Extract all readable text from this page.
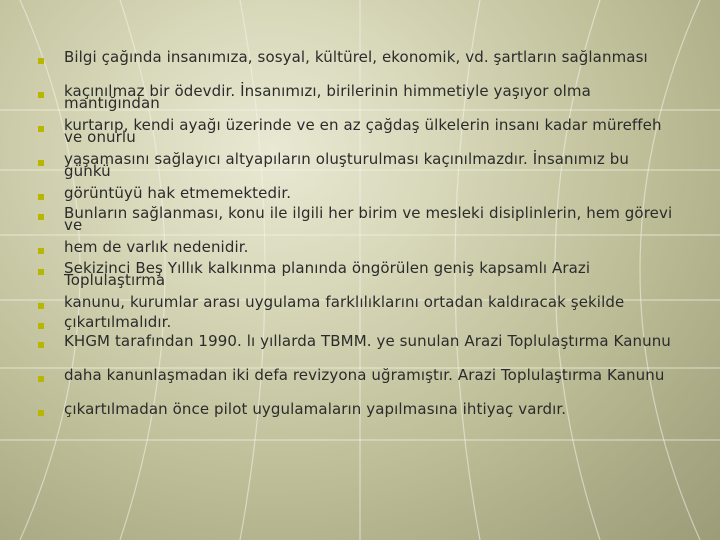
Bilgi çağında insanımıza, sosyal, kültürel, ekonomik, vd. şartların sağlanması
kaçınılmaz bir ödevdir. İnsanımızı, birilerinin himmetiyle yaşıyor olma mantığından
kurtarıp, kendi ayağı üzerinde ve en az çağdaş ülkelerin insanı kadar müreffeh ve onurlu
yaşamasını sağlayıcı altyapıların oluşturulması kaçınılmazdır. İnsanımız bu günkü
görüntüyü hak etmemektedir.
Bunların sağlanması, konu ile ilgili her birim ve mesleki disiplinlerin, hem görevi ve
hem de varlık nedenidir.
Sekizinci Beş Yıllık kalkınma planında öngörülen geniş kapsamlı Arazi Toplulaştırma
kanunu, kurumlar arası uygulama farklılıklarını ortadan kaldıracak şekilde
çıkartılmalıdır.
KHGM tarafından 1990. lı yıllarda TBMM. ye sunulan Arazi Toplulaştırma Kanunu
daha kanunlaşmadan iki defa revizyona uğramıştır. Arazi Toplulaştırma Kanunu
çıkartılmadan önce pilot uygulamaların yapılmasına ihtiyaç vardır.
